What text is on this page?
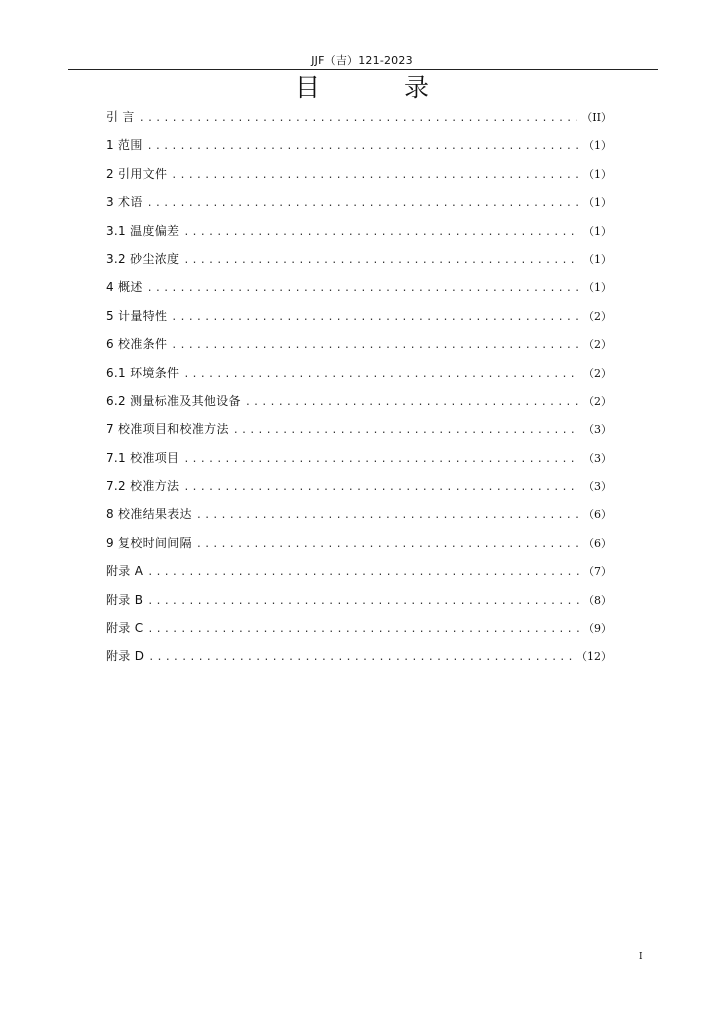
JJF（吉）121-2023
目 录
引 言 .....	（II）
1 范围 .....	（1）
2 引用文件 .....	（1）
3 术语 .....	（1）
3.1 温度偏差 .....	（1）
3.2 砂尘浓度 .....	（1）
4 概述 .....	（1）
5 计量特性 .....	（2）
6 校准条件 .....	（2）
6.1 环境条件 .....	（2）
6.2 测量标准及其他设备 .....	（2）
7 校准项目和校准方法 .....	（3）
7.1 校准项目 .....	（3）
7.2 校准方法 .....	（3）
8 校准结果表达 .....	（6）
9 复校时间间隔 .....	（6）
附录 A .....	（7）
附录 B .....	（8）
附录 C .....	（9）
附录 D .....	（12）
I
